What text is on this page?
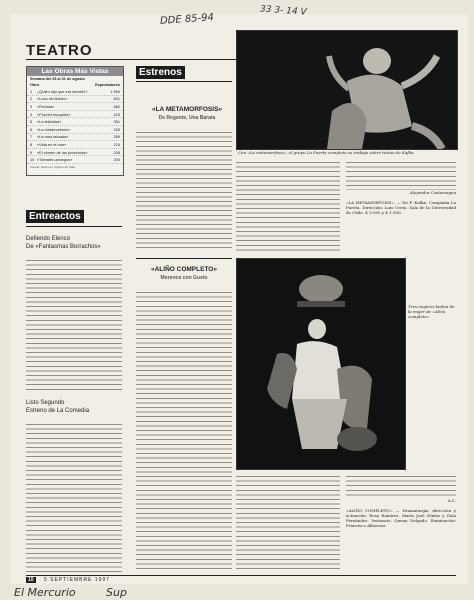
DDE 85-94
33 3- 14 V
TEATRO
Las Obras Más Vistas
Semana del 25 al 31 de agosto
Obra	Espectadores
1	¿Quién dijo que era sencillo?	1.960
2	«Loca del Barrio»	841
3	«Revista»	682
4	«Puccini escupido»	423
5	«La felicidad»	351
6	«La metamorfosis»	330
7	«La rosa tatuada»	289
8	«Vida en el mar»	224
9	«El crimen de las provincias»	208
10 «Tomates amargos»	200
Fuente: Datos en registro de Sala
Estrenos
«LA METAMORFOSIS»
De Regente, Una Barata
Con «La metamorfosis», el grupo La Puerta completa su trabajo sobre textos de Kafka.
Alejandra Costamagna
«LA METAMORFOSIS». — De F. Kafka. Compañía La Puerta. Dirección: Luis Ureta. Sala de la Universidad de Chile. $ 3.000 y $ 1.500.
Entreactos
Defiendo Elenco
De «Fantasmas Borrachos»
Listo Segundo
Estreno de La Comedia
«ALIÑO COMPLETO»
Morenos con Gusto
Tres mujeres bailan de la mujer de «Aliño completo».
A.C.
«ALIÑO COMPLETO». — Dramaturgia, dirección y actuación: Rosa Ramírez, María José Núñez y Gala Fernández. Vestuario: Quena Delgado. Iluminación: Francisco Albornoz.
10	5 SEPTIEMBRE 1997
El Mercurio	Sup
